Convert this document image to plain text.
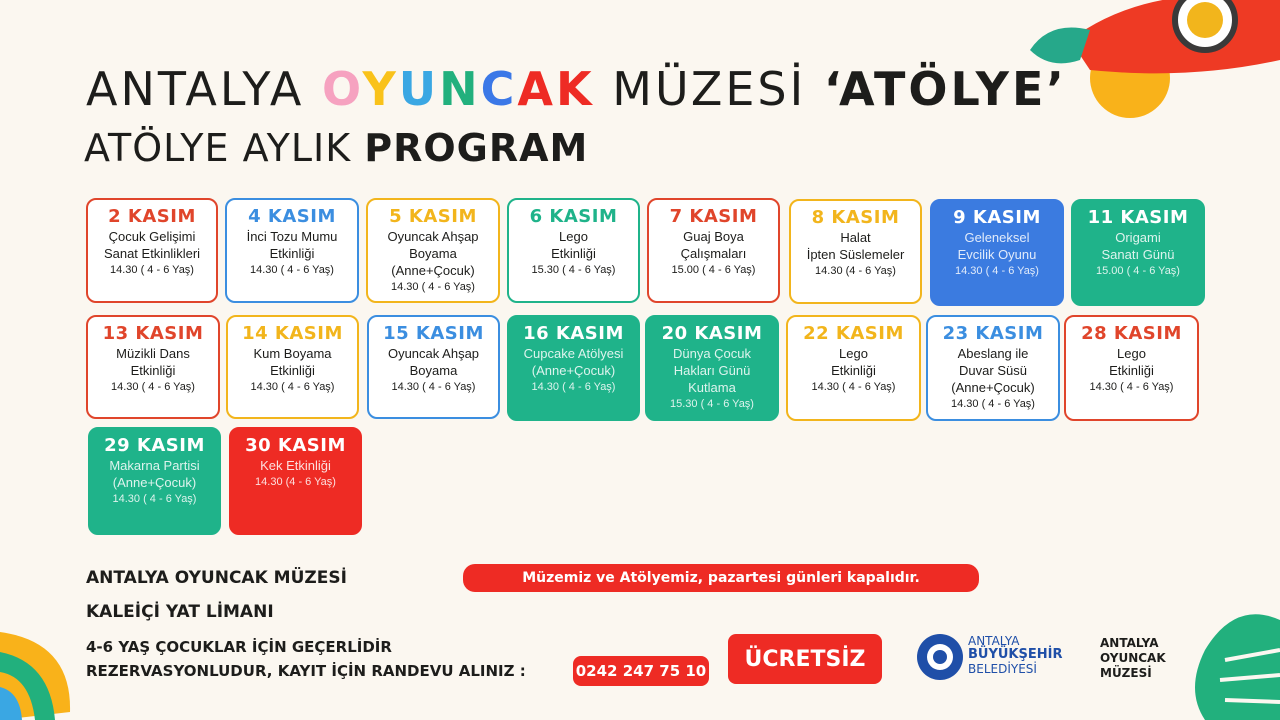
ANTALYA OYUNCAK MÜZESİ ‘ATÖLYE’
ATÖLYE AYLIK PROGRAM
2 KASIM
Çocuk Gelişimi
Sanat Etkinlikleri
14.30 ( 4 - 6 Yaş)
4 KASIM
İnci Tozu Mumu
Etkinliği
14.30 ( 4 - 6 Yaş)
5 KASIM
Oyuncak Ahşap
Boyama
(Anne+Çocuk)
14.30 ( 4 - 6 Yaş)
6 KASIM
Lego
Etkinliği
15.30 ( 4 - 6 Yaş)
7 KASIM
Guaj Boya
Çalışmaları
15.00 ( 4 - 6 Yaş)
8 KASIM
Halat
İpten Süslemeler
14.30 (4 - 6 Yaş)
9 KASIM
Geleneksel
Evcilik Oyunu
14.30 ( 4 - 6 Yaş)
11 KASIM
Origami
Sanatı Günü
15.00 ( 4 - 6 Yaş)
13 KASIM
Müzikli Dans
Etkinliği
14.30 ( 4 - 6 Yaş)
14 KASIM
Kum Boyama
Etkinliği
14.30 ( 4 - 6 Yaş)
15 KASIM
Oyuncak Ahşap
Boyama
14.30 ( 4 - 6 Yaş)
16 KASIM
Cupcake Atölyesi
(Anne+Çocuk)
14.30 ( 4 - 6 Yaş)
20 KASIM
Dünya Çocuk
Hakları Günü
Kutlama
15.30 ( 4 - 6 Yaş)
22 KASIM
Lego
Etkinliği
14.30 ( 4 - 6 Yaş)
23 KASIM
Abeslang ile
Duvar Süsü
(Anne+Çocuk)
14.30 ( 4 - 6 Yaş)
28 KASIM
Lego
Etkinliği
14.30 ( 4 - 6 Yaş)
29 KASIM
Makarna Partisi
(Anne+Çocuk)
14.30 ( 4 - 6 Yaş)
30 KASIM
Kek Etkinliği
14.30 (4 - 6 Yaş)
ANTALYA OYUNCAK MÜZESİ
KALEİÇİ YAT LİMANI
4-6 YAŞ ÇOCUKLAR İÇİN GEÇERLİDİR
REZERVASYONLUDUR, KAYIT İÇİN RANDEVU ALINIZ :	0242 247 75 10
Müzemiz ve Atölyemiz, pazartesi günleri kapalıdır.
ÜCRETSİZ
ANTALYA
BÜYÜKŞEHİR
BELEDİYESİ
ANTALYA
OYUNCAK
MÜZESİ
